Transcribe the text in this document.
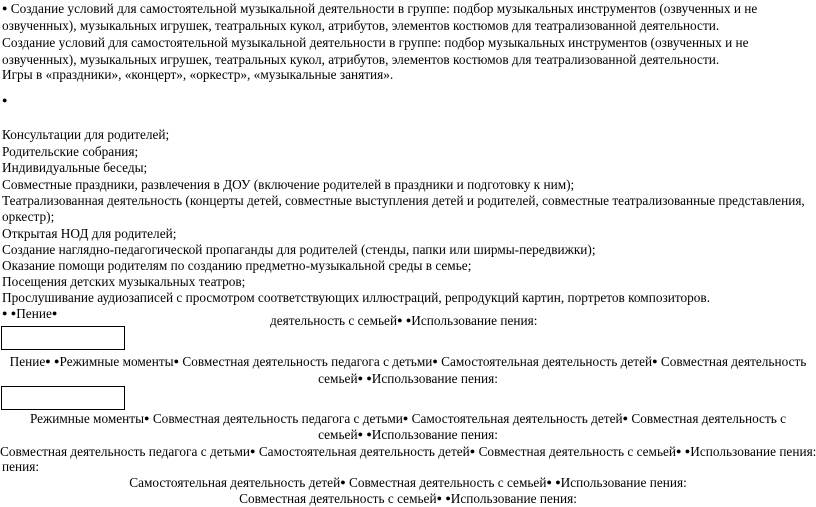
● Создание условий для самостоятельной музыкальной деятельности в группе: подбор музыкальных инструментов (озвученных и не
озвученных), музыкальных игрушек, театральных кукол, атрибутов, элементов костюмов для театрализованной деятельности.
Создание условий для самостоятельной музыкальной деятельности в группе: подбор музыкальных инструментов (озвученных и не
озвученных), музыкальных игрушек, театральных кукол, атрибутов, элементов костюмов для театрализованной деятельности.
Игры в «праздники», «концерт», «оркестр», «музыкальные занятия».
●
Консультации для родителей;
Родительские собрания;
Индивидуальные беседы;
Совместные праздники, развлечения в ДОУ (включение родителей в праздники и подготовку к ним);
Театрализованная деятельность (концерты детей, совместные выступления детей и родителей, совместные театрализованные представления,
оркестр);
Открытая НОД для родителей;
Создание наглядно-педагогической пропаганды для родителей (стенды, папки или ширмы-передвижки);
Оказание помощи родителям по созданию предметно-музыкальной среды в семье;
Посещения детских музыкальных театров;
Прослушивание аудиозаписей с просмотром соответствующих иллюстраций, репродукций картин, портретов композиторов.
● ●Пение●	деятельность с семьей● ●Использование пения:
Пение● ●Режимные моменты● Совместная деятельность педагога с детьми● Самостоятельная деятельность детей● Совместная деятельность
семьей● ●Использование пения:
Режимные моменты● Совместная деятельность педагога с детьми● Самостоятельная деятельность детей● Совместная деятельность с
семьей● ●Использование пения:
Совместная деятельность педагога с детьми● Самостоятельная деятельность детей● Совместная деятельность с семьей● ●Использование пения:
пения:
Самостоятельная деятельность детей● Совместная деятельность с семьей● ●Использование пения:
Совместная деятельность с семьей● ●Использование пения:
